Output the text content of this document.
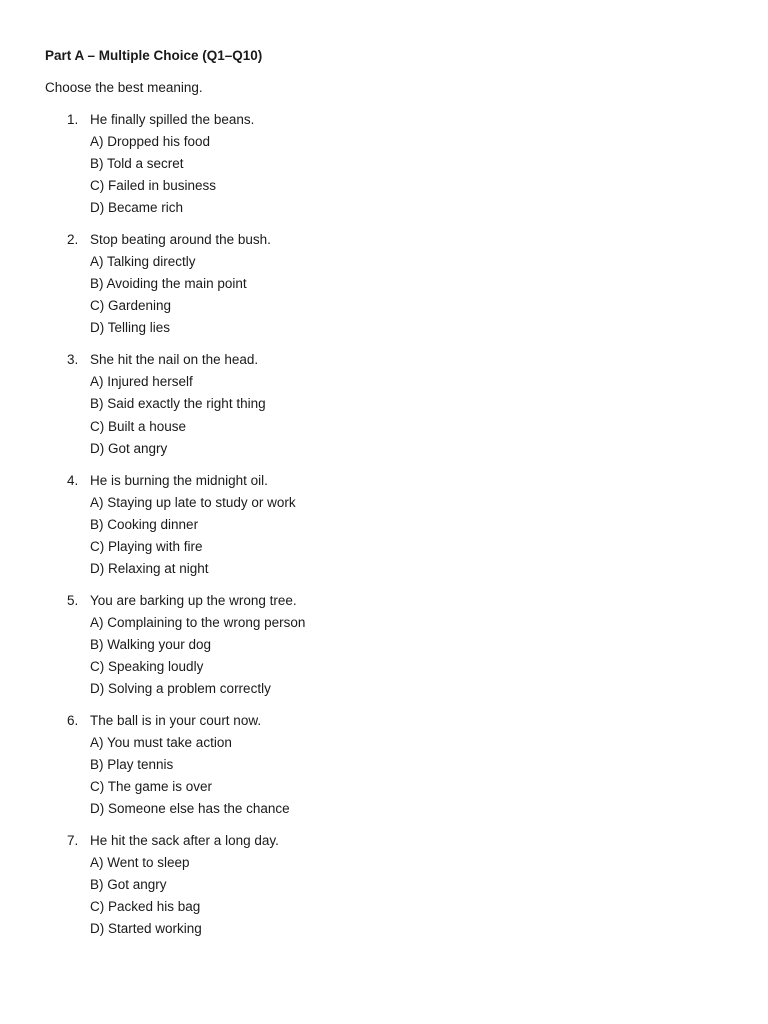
Part A – Multiple Choice (Q1–Q10)
Choose the best meaning.
1. He finally spilled the beans.
A) Dropped his food
B) Told a secret
C) Failed in business
D) Became rich
2. Stop beating around the bush.
A) Talking directly
B) Avoiding the main point
C) Gardening
D) Telling lies
3. She hit the nail on the head.
A) Injured herself
B) Said exactly the right thing
C) Built a house
D) Got angry
4. He is burning the midnight oil.
A) Staying up late to study or work
B) Cooking dinner
C) Playing with fire
D) Relaxing at night
5. You are barking up the wrong tree.
A) Complaining to the wrong person
B) Walking your dog
C) Speaking loudly
D) Solving a problem correctly
6. The ball is in your court now.
A) You must take action
B) Play tennis
C) The game is over
D) Someone else has the chance
7. He hit the sack after a long day.
A) Went to sleep
B) Got angry
C) Packed his bag
D) Started working
